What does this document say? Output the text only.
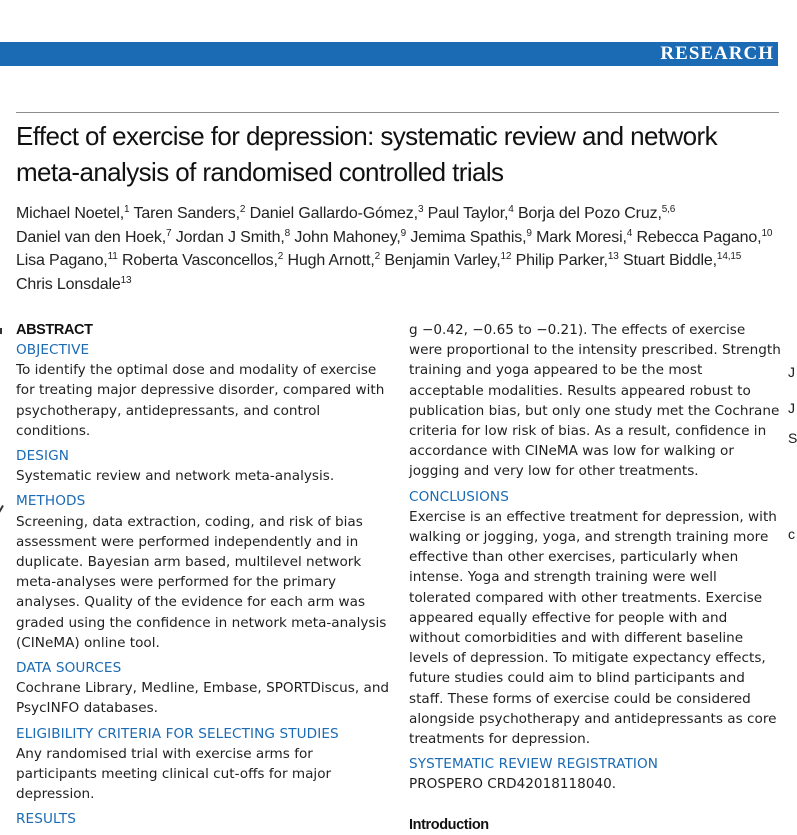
RESEARCH
Effect of exercise for depression: systematic review and network meta-analysis of randomised controlled trials

Michael Noetel,$^1$ Taren Sanders,$^2$ Daniel Gallardo-Gómez,$^3$ Paul Taylor,$^4$ Borja del Pozo Cruz,$^{5,6}$ Daniel van den Hoek,$^7$ Jordan J Smith,$^8$ John Mahoney,$^9$ Jemima Spathis,$^9$ Mark Moresi,$^4$ Rebecca Pagano,$^{10}$ Lisa Pagano,$^{11}$ Roberta Vasconcellos,$^2$ Hugh Arnott,$^2$ Benjamin Varley,$^{12}$ Philip Parker,$^{13}$ Stuart Biddle,$^{14,15}$ Chris Lonsdale$^{13}$

ABSTRACT
OBJECTIVE

To identify the optimal dose and modality of exercise for treating major depressive disorder, compared with psychotherapy, antidepressants, and control conditions.

DESIGN

Systematic review and network meta-analysis.

METHODS

Screening, data extraction, coding, and risk of bias assessment were performed independently and in duplicate. Bayesian arm based, multilevel network meta-analyses were performed for the primary analyses. Quality of the evidence for each arm was graded using the confidence in network meta-analysis (CINeMA) online tool.

DATA SOURCES

Cochrane Library, Medline, Embase, SPORTDiscus, and PsycINFO databases.

ELIGIBILITY CRITERIA FOR SELECTING STUDIES

Any randomised trial with exercise arms for participants meeting clinical cut-offs for major depression.

RESULTS

g −0.42, −0.65 to −0.21). The effects of exercise were proportional to the intensity prescribed. Strength training and yoga appeared to be the most acceptable modalities. Results appeared robust to publication bias, but only one study met the Cochrane criteria for low risk of bias. As a result, confidence in accordance with CINeMA was low for walking or jogging and very low for other treatments.

CONCLUSIONS

Exercise is an effective treatment for depression, with walking or jogging, yoga, and strength training more effective than other exercises, particularly when intense. Yoga and strength training were well tolerated compared with other treatments. Exercise appeared equally effective for people with and without comorbidities and with different baseline levels of depression. To mitigate expectancy effects, future studies could aim to blind participants and staff. These forms of exercise could be considered alongside psychotherapy and antidepressants as core treatments for depression.

SYSTEMATIC REVIEW REGISTRATION

PROSPERO CRD42018118040.

Introduction
J
J
S
c
